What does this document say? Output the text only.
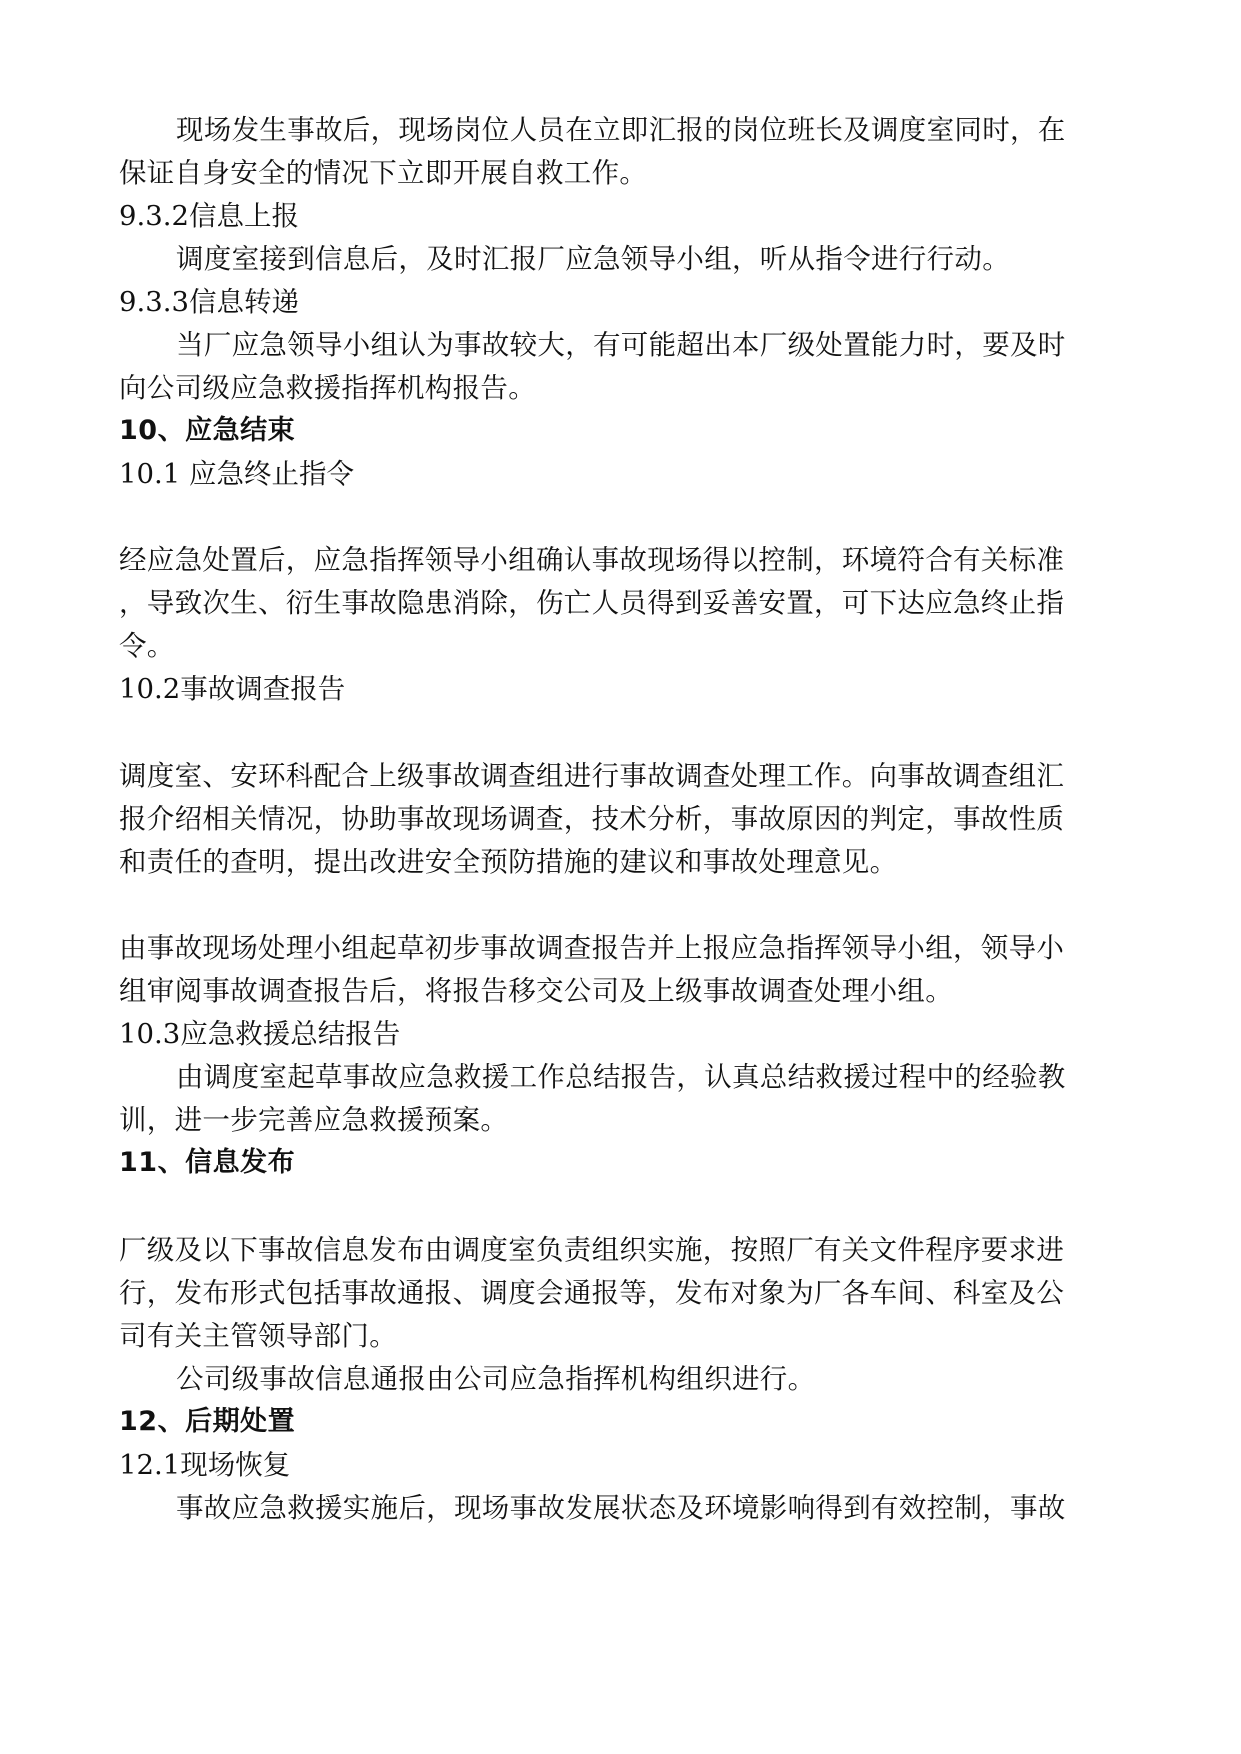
现场发生事故后，现场岗位人员在立即汇报的岗位班长及调度室同时，在
保证自身安全的情况下立即开展自救工作。
9.3.2信息上报
调度室接到信息后，及时汇报厂应急领导小组，听从指令进行行动。
9.3.3信息转递
当厂应急领导小组认为事故较大，有可能超出本厂级处置能力时，要及时
向公司级应急救援指挥机构报告。
10、应急结束
10.1 应急终止指令
经应急处置后，应急指挥领导小组确认事故现场得以控制，环境符合有关标准
，导致次生、衍生事故隐患消除，伤亡人员得到妥善安置，可下达应急终止指
令。
10.2事故调查报告
调度室、安环科配合上级事故调查组进行事故调查处理工作。向事故调查组汇
报介绍相关情况，协助事故现场调查，技术分析，事故原因的判定，事故性质
和责任的查明，提出改进安全预防措施的建议和事故处理意见。
由事故现场处理小组起草初步事故调查报告并上报应急指挥领导小组，领导小
组审阅事故调查报告后，将报告移交公司及上级事故调查处理小组。
10.3应急救援总结报告
由调度室起草事故应急救援工作总结报告，认真总结救援过程中的经验教
训，进一步完善应急救援预案。
11、信息发布
厂级及以下事故信息发布由调度室负责组织实施，按照厂有关文件程序要求进
行，发布形式包括事故通报、调度会通报等，发布对象为厂各车间、科室及公
司有关主管领导部门。
公司级事故信息通报由公司应急指挥机构组织进行。
12、后期处置
12.1现场恢复
事故应急救援实施后，现场事故发展状态及环境影响得到有效控制，事故
